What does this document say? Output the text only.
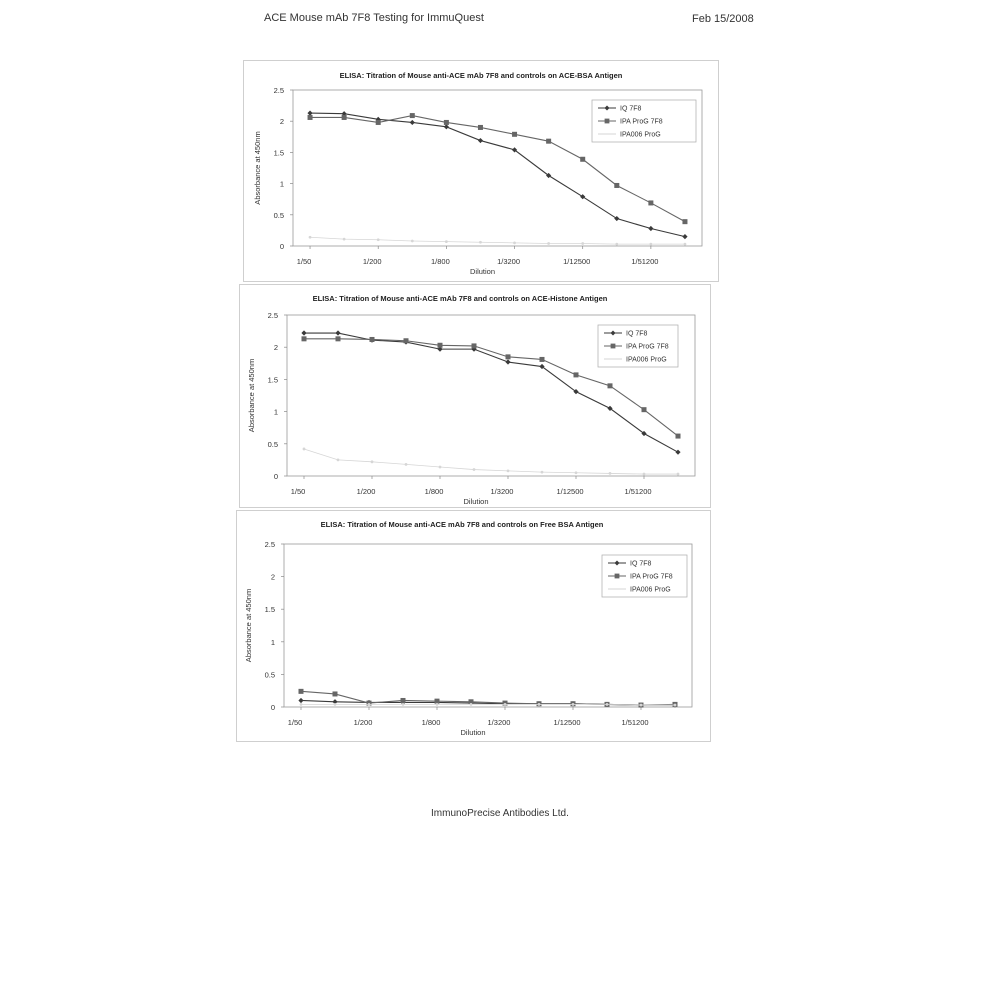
ACE Mouse mAb 7F8 Testing for ImmuQuest	Feb 15/2008
ELISA: Titration of Mouse anti-ACE mAb 7F8 and controls on ACE-BSA Antigen
0
0.5
1
1.5
2
2.5
1/50	1/200	1/800	1/3200	1/12500	1/51200
Dilution
Absorbance at 450nm
IQ 7F8
IPA ProG 7F8
IPA006 ProG
ELISA: Titration of Mouse anti-ACE mAb 7F8 and controls on ACE-Histone Antigen
0
0.5
1
1.5
2
2.5
1/50	1/200	1/800	1/3200	1/12500	1/51200
Dilution
Absorbance at 450nm
IQ 7F8
IPA ProG 7F8
IPA006 ProG
ELISA: Titration of Mouse anti-ACE mAb 7F8 and controls on Free BSA Antigen
0
0.5
1
1.5
2
2.5
1/50	1/200	1/800	1/3200	1/12500	1/51200
Dilution
Absorbance at 450nm
IQ 7F8
IPA ProG 7F8
IPA006 ProG
ImmunoPrecise Antibodies Ltd.
